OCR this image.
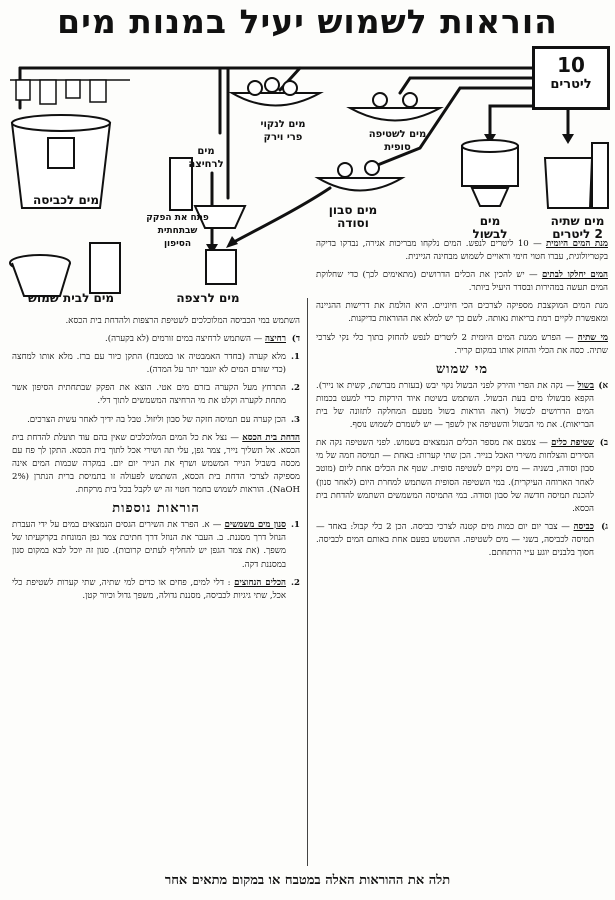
הוראות לשמוש יעיל במנות מים
10
ליטרים
מים שתיה
2 ליטרים
מים
לבשול
מים לשטיפה
סופית
מים לנקוי
פרי וירק
מים סבון
וסודה
מים
לרחיצה
מים לכביסה
פתח את הפקק
שבתחתית
הסיפון
מים לרצפה
מים לבית שמוש

מנת המים היומית — 10 ליטרים לנפש. המים נלקחו מבריכות אגירה, נבדקו בדיקה בקטריולוגית, עברו חטוי חימי וראויים לשמוש מבחינה הגיינית.

המים יחלקו לבתים — יש להכין את הכלים הדרושים (מתאימים לכך) כדי שחלוקת המים תעשה במהירות ובסדר היעיל ביותר.

מנת המים המוקצבת מספיקה לצרכים הכי חיוניים. היא הולמת את דרישות ההגיינה ומאפשרת לקיים רמת בריאות נאותה. לשם כך יש למלא את ההוראות בדיקנות.

מי שתיה — הפרש ממנת המים היומית 2 ליטרים לנפש להחזק בתוך כלי נקי לצרכי שתיה. כסה את הכלי והחזק אותו במקום קריר.

מי שמוש

א)
בשול — נקה את הפרי והירק לפני הבשול נקוי יבש (בעזרת מברשת, קשית או נייר). הקפא מבשולו מים בעת הבשול. השתמש בשיטת איוד הירקות כדי למעט בכמות המים הדרושים לבשול (ראה הוראות בשול מטעם המחלקה לתזונה של בית הבריאות). את מי הבשול והשטיפה אין לשפך — יש לשמרם לשמוש נוסף.

ב)
שטיפת כלים — צמצם את מספר הכלים הנמצאים בשמוש. לפני השטיפה נקה את הסירים והצלחות משירי האכל בנייר. הכן שתי קערות: באחת — תמיסה חמה של מי סבון וסודה, בשניה — מים נקיים לשטיפה סופית. שטף את הכלים אחת ליום (מוטב לאחר הארוחה העיקרית). במי השטיפה הסופית השתמש למחרת היום (לאחר סנון) להכנת תמיסה חדשה של סבון וסודה. במי התמיסה המשמשים השתמש להדחת בית הכסא.

ג)
כביסה — צבר יום יום כמות מים קטנה לצרכי כביסה. הכן 2 כלי קבול: באחד — תמיסה לכביסה, בשני — מים לשטיפה. התשמש בפעם אחת באותם המים לכביסה. חסוך בלבנים יוגע ע״י הרתחתם.

השתמש במי הכביסה המלוכלכים לשטיפת הרצפות ולהדחת בית הכסא.

ד)
רחיצה — השתמש לרחיצה במים זורמים (לא בקערה).

1.
מלא קערה (בחדר האמבטיה או במטבח) התקן כיור עם ברז. מלא אותו למחצה (כדי שזרם המים לא יוגבר יתר על המדה).

2.
התרחץ מעל הקערה בזרם מים אטי. הוצא את הפקק שבתחתית הסיפון אשר מתחת לקערה וקלט את מי הרחיצה המשמשים לתוך דלי.

3.
הכן קערה עם תמיסה חזקה של סבון וליזול. טבל בה ידיך לאחר עשית הצרכים.

הדחת בית הכסא — נצל את כל המים המלוכלכים שאין בהם עוד תועלת להדחת בית הכסא. אל תשליך נייר, צמר גפן, עלי תה ושירי אכל לתוך בית הכסא. התקן לך פח עם מכסה בשביל הנייר המשמש ושרף את הנייר יום יום. במקרה שכמות המים אינה מספיקה לצרכי הדחת בית הכסא, השתמש לפעולה זו בתמיסת ברית הנתרן (2% NaOH). הוראות לשמוש בחמר חטוי זה יש לקבל בכל בית מרקחת.

הוראות נוספות

1.
סנון מים משמשים — א. הפרד את השירים הגסים הנמצאים במים על ידי העברת הנוזל דרך מסננת. ב. העבר את הנוזל דרך חתיכת צמר גפן המונחת בקרקעיתו של משפך. (את צמר הגפן יש להחליף לעתים קרובות). סנון זה יוכל לבא במקום סנון במסננת דקה.

2.
הכלים הנחוצים : דלי למים, פחים או כדים למי שתיה, שתי קערות לשטיפת כלי אכל, שתי גיגיות לכביסה, מסננת גדולה, משפך גדול וכיור קטן.

תלה את ההוראות האלה במטבח או במקום מתאים אחר
